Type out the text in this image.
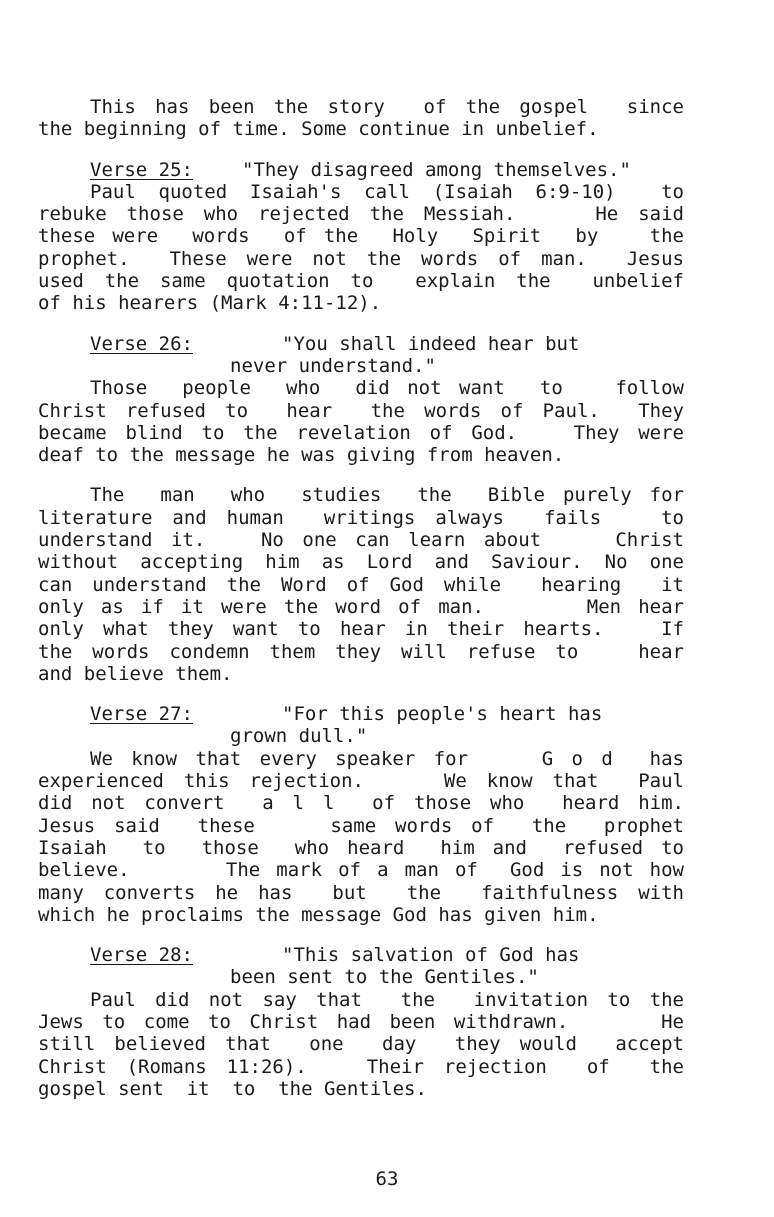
This has been the story  of the gospel  since
the beginning of time. Some continue in unbelief.
Verse 25:	"They disagreed among themselves."
Paul quoted Isaiah's call (Isaiah 6:9-10)  to
rebuke those who rejected the Messiah.    He said
these were  words  of the  Holy  Spirit  by   the
prophet.  These were not the words of man.  Jesus
used the same quotation to  explain the  unbelief
of his hearers (Mark 4:11-12).
Verse 26:	"You shall indeed hear but
never understand."
Those  people  who  did not want  to   follow
Christ refused to  hear  the words of Paul.  They
became blind to the revelation of God.   They were
deaf to the message he was giving from heaven.
The  man  who  studies  the  Bible purely for
literature and human  writings always  fails   to
understand it.   No one can learn about    Christ
without accepting him as Lord and Saviour. No one
can understand the Word of God while  hearing  it
only as if it were the word of man.      Men hear
only what they want to hear in their hearts.   If
the words condemn them they will refuse to   hear
and believe them.
Verse 27:	"For this people's heart has
grown dull."
We know that every speaker for    G o d  has
experienced this rejection.    We know that  Paul
did not convert  a l l  of those who  heard him.
Jesus said  these    same words of  the  prophet
Isaiah  to  those  who heard  him and  refused to
believe.      The mark of a man of  God is not how
many converts he has  but  the  faithfulness with
which he proclaims the message God has given him.
Verse 28:	"This salvation of God has
been sent to the Gentiles."
Paul did not say that  the  invitation to the
Jews to come to Christ had been withdrawn.     He
still believed that  one  day  they would  accept
Christ (Romans 11:26).   Their rejection  of  the
gospel sent  it  to  the Gentiles.
63
